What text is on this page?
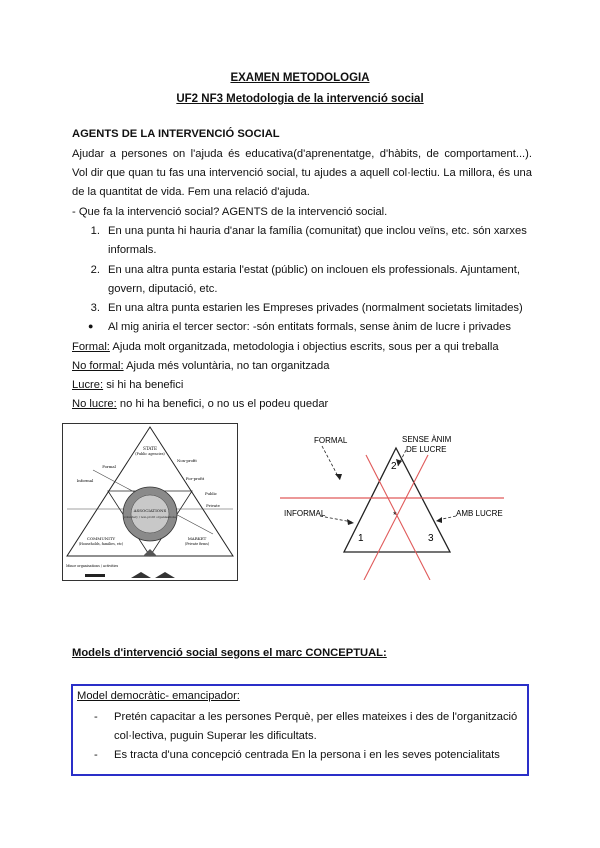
EXAMEN METODOLOGIA
UF2 NF3 Metodologia de la intervenció social
AGENTS DE LA INTERVENCIÓ SOCIAL
Ajudar a persones on l'ajuda és educativa(d'aprenentatge, d'hàbits, de comportament...).
Vol dir que quan tu fas una intervenció social, tu ajudes a aquell col·lectiu. La millora, és una
de la quantitat de vida. Fem una relació d'ajuda.
- Que fa la intervenció social? AGENTS de la intervenció social.
1. En una punta hi hauria d'anar la família (comunitat) que inclou veïns, etc. són xarxes
informals.
2. En una altra punta estaria l'estat (públic) on inclouen els professionals. Ajuntament,
govern, diputació, etc.
3. En una altra punta estarien les Empreses privades (normalment societats limitades)
● Al mig aniria el tercer sector: -són entitats formals, sense ànim de lucre i privades
Formal: Ajuda molt organitzada, metodologia i objectius escrits, sous per a qui treballa
No formal: Ajuda més voluntària, no tan organitzada
Lucre: si hi ha benefici
No lucre: no hi ha benefici, o no us el podeu quedar
STATE
(Public agencies)
Formal
Informal
Non-profit
For-profit
Public
Private
ASSOCIATIONS
(voluntary / non-profit organisations)
COMMUNITY
(Households, families, etc)
MARKET
(Private firms)
Minor organisations / activities
FORMAL	SENSE ÀNIM
DE LUCRE
INFORMAL	AMB LUCRE
1
2
3
*
Models d'intervenció social segons el marc CONCEPTUAL:
Model democràtic- emancipador:
- Pretén capacitar a les persones Perquè, per elles mateixes i des de l'organització
col·lectiva, puguin Superar les dificultats.
- Es tracta d'una concepció centrada En la persona i en les seves potencialitats
